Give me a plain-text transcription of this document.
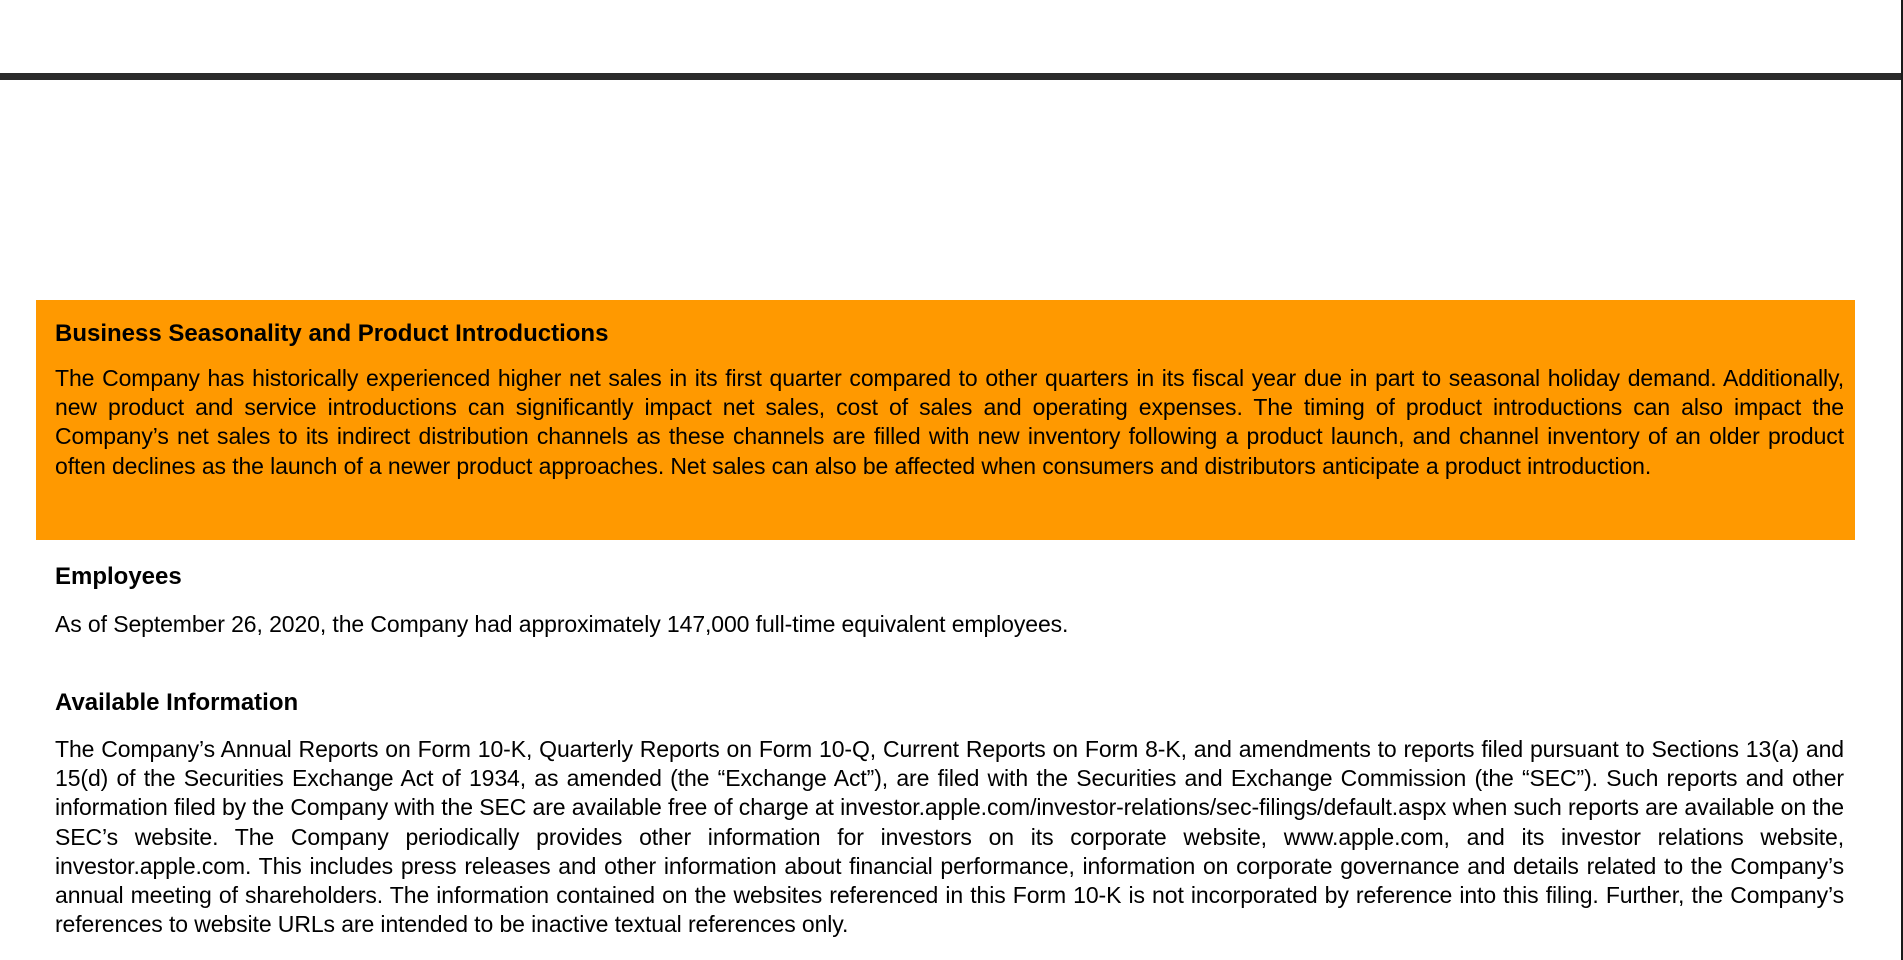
Business Seasonality and Product Introductions

The Company has historically experienced higher net sales in its first quarter compared to other quarters in its fiscal year due in part to seasonal holiday demand. Additionally, new product and service introductions can significantly impact net sales, cost of sales and operating expenses. The timing of product introductions can also impact the Company’s net sales to its indirect distribution channels as these channels are filled with new inventory following a product launch, and channel inventory of an older product often declines as the launch of a newer product approaches. Net sales can also be affected when consumers and distributors anticipate a product introduction.

Employees

As of September 26, 2020, the Company had approximately 147,000 full-time equivalent employees.

Available Information

The Company’s Annual Reports on Form 10-K, Quarterly Reports on Form 10-Q, Current Reports on Form 8-K, and amendments to reports filed pursuant to Sections 13(a) and 15(d) of the Securities Exchange Act of 1934, as amended (the “Exchange Act”), are filed with the Securities and Exchange Commission (the “SEC”). Such reports and other information filed by the Company with the SEC are available free of charge at investor.apple.com/investor-relations/sec-filings/default.aspx when such reports are available on the SEC’s website. The Company periodically provides other information for investors on its corporate website, www.apple.com, and its investor relations website, investor.apple.com. This includes press releases and other information about financial performance, information on corporate governance and details related to the Company’s annual meeting of shareholders. The information contained on the websites referenced in this Form 10-K is not incorporated by reference into this filing. Further, the Company’s references to website URLs are intended to be inactive textual references only.
